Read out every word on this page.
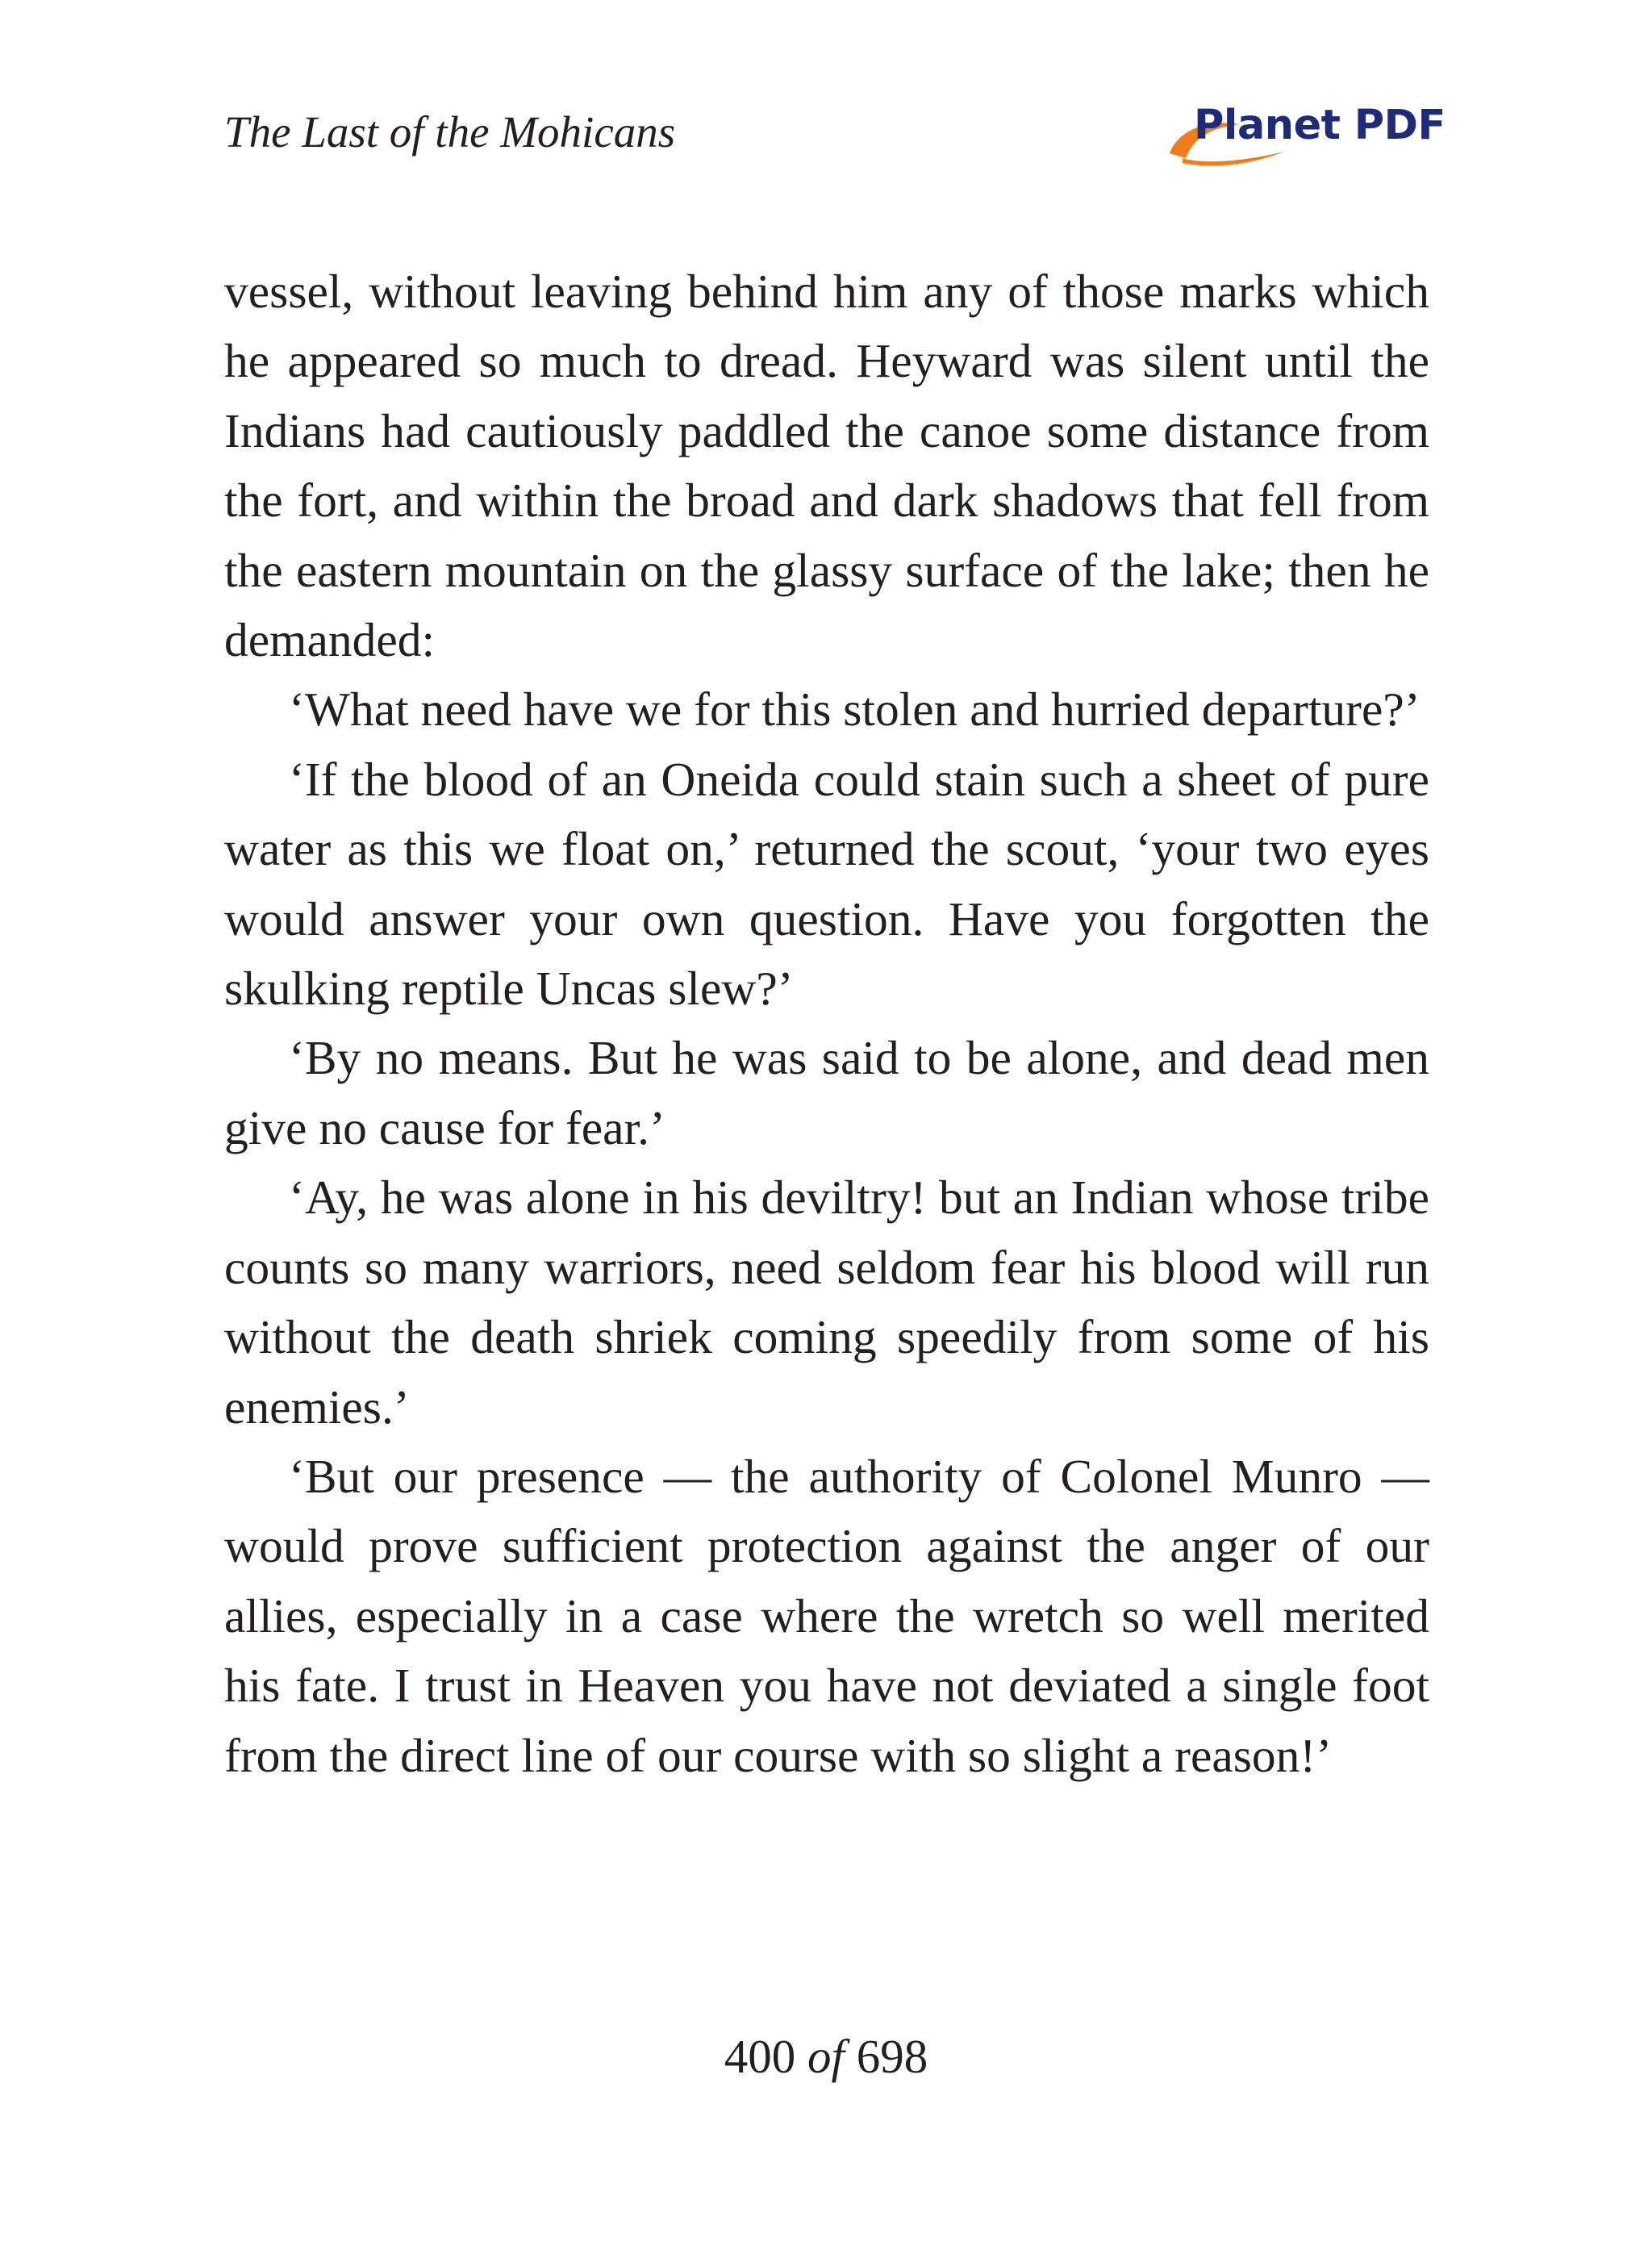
The Last of the Mohicans	Planet PDF

vessel, without leaving behind him any of those marks which he appeared so much to dread. Heyward was silent until the Indians had cautiously paddled the canoe some distance from the fort, and within the broad and dark shadows that fell from the eastern mountain on the glassy surface of the lake; then he demanded:

‘What need have we for this stolen and hurried departure?’

‘If the blood of an Oneida could stain such a sheet of pure water as this we float on,’ returned the scout, ‘your two eyes would answer your own question. Have you forgotten the skulking reptile Uncas slew?’

‘By no means. But he was said to be alone, and dead men give no cause for fear.’

‘Ay, he was alone in his deviltry! but an Indian whose tribe counts so many warriors, need seldom fear his blood will run without the death shriek coming speedily from some of his enemies.’

‘But our presence — the authority of Colonel Munro — would prove sufficient protection against the anger of our allies, especially in a case where the wretch so well merited his fate. I trust in Heaven you have not deviated a single foot from the direct line of our course with so slight a reason!’

400 of 698
